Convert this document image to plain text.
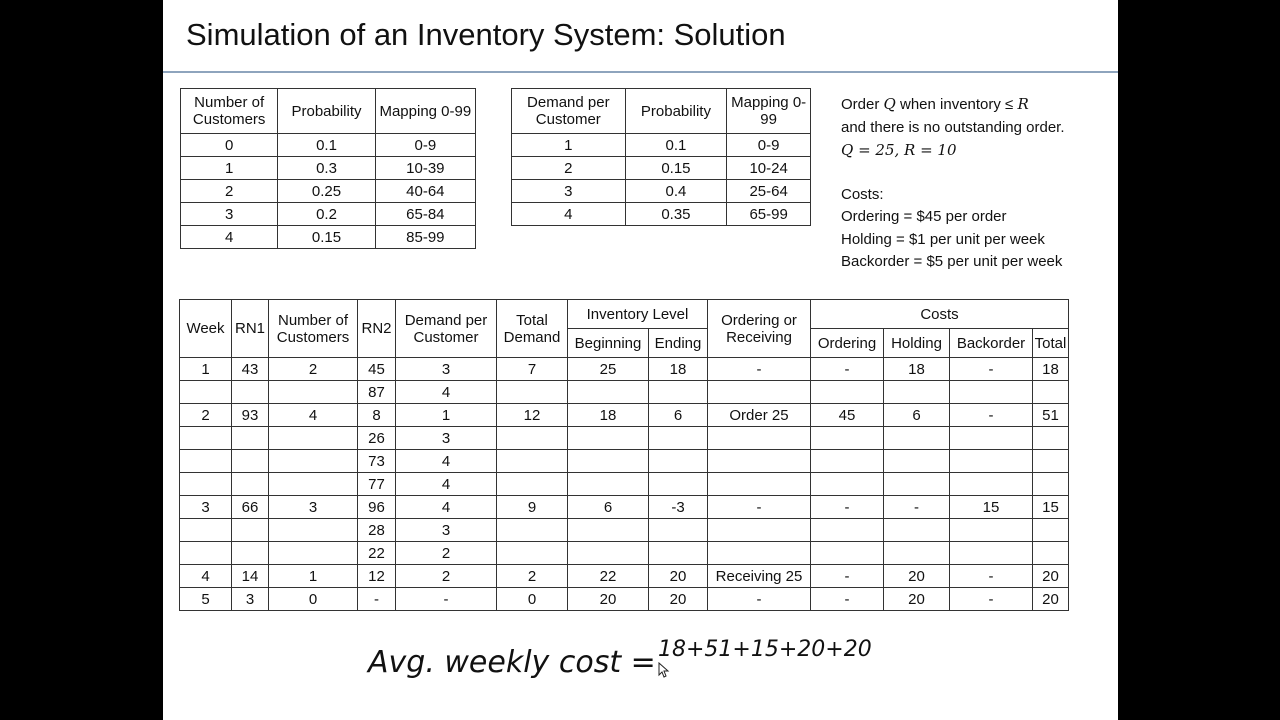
Simulation of an Inventory System: Solution
Number of Customers	Probability	Mapping 0-99
0	0.1	0-9
1	0.3	10-39
2	0.25	40-64
3	0.2	65-84
4	0.15	85-99
Demand per Customer	Probability	Mapping 0-99
1	0.1	0-9
2	0.15	10-24
3	0.4	25-64
4	0.35	65-99
Order Q when inventory ≤ R
and there is no outstanding order.
Q = 25, R = 10
Costs:
Ordering = $45 per order
Holding = $1 per unit per week
Backorder = $5 per unit per week
Week	RN1	Number of Customers	RN2	Demand per Customer	Total Demand	Inventory Level		Ordering or Receiving	Costs			
						Beginning	Ending		Ordering	Holding	Backorder	Total
1	43	2	45	3	7	25	18	-	-	18	-	18
			87	4								
2	93	4	8	1	12	18	6	Order 25	45	6	-	51
			26	3								
			73	4								
			77	4								
3	66	3	96	4	9	6	-3	-	-	-	15	15
			28	3								
			22	2								
4	14	1	12	2	2	22	20	Receiving 25	-	20	-	20
5	3	0	-	-	0	20	20	-	-	20	-	20
Avg. weekly cost = 18+51+15+20+20
